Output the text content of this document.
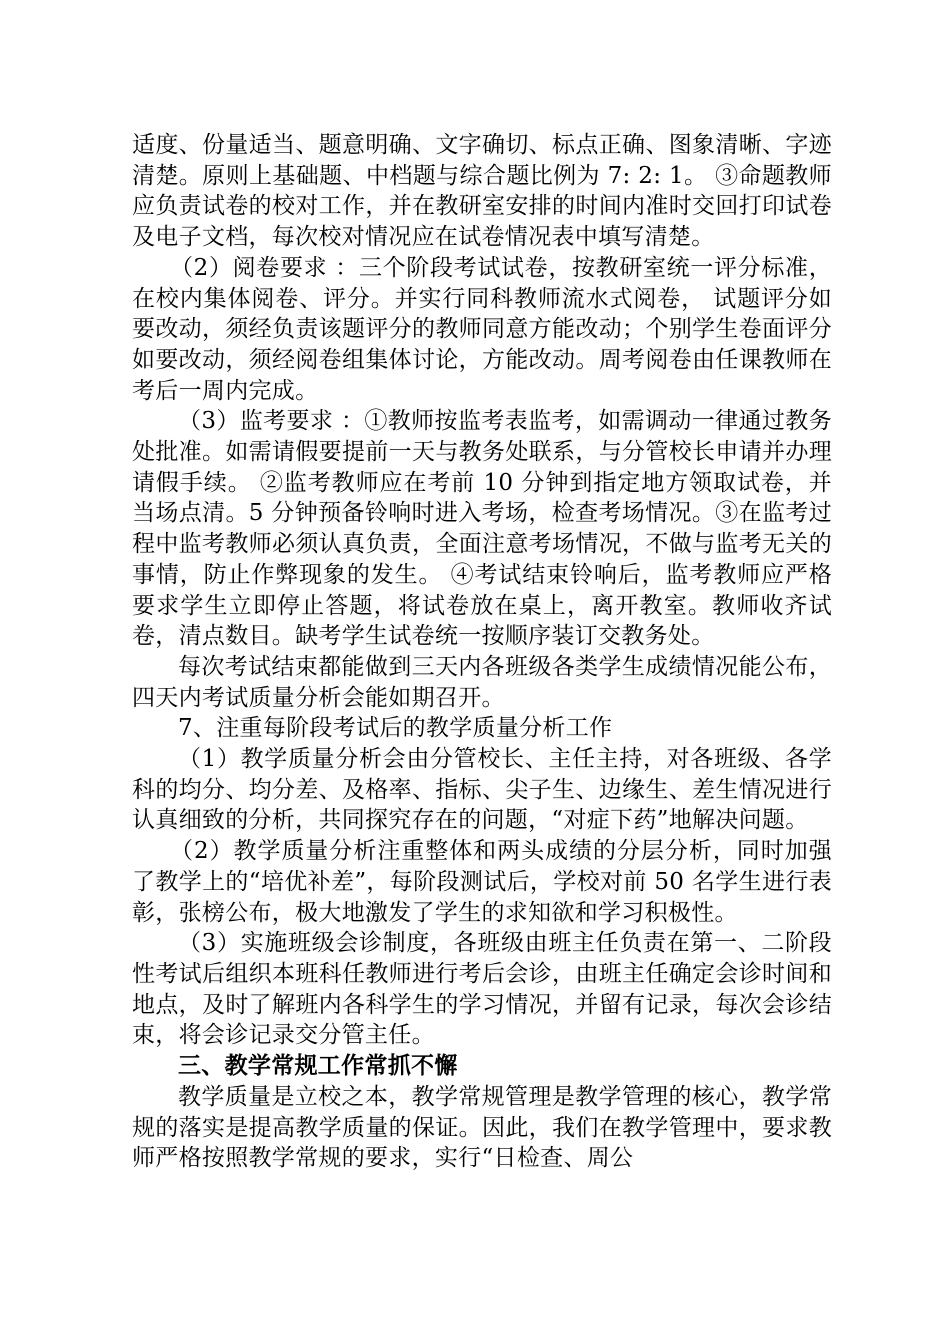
适度、份量适当、题意明确、文字确切、标点正确、图象清晰、字迹清楚。原则上基础题、中档题与综合题比例为 7: 2: 1。 ③命题教师应负责试卷的校对工作，并在教研室安排的时间内准时交回打印试卷及电子文档，每次校对情况应在试卷情况表中填写清楚。

（2）阅卷要求 ：三个阶段考试试卷，按教研室统一评分标准，在校内集体阅卷、评分。并实行同科教师流水式阅卷， 试题评分如要改动，须经负责该题评分的教师同意方能改动；个别学生卷面评分如要改动，须经阅卷组集体讨论，方能改动。周考阅卷由任课教师在考后一周内完成。

（3）监考要求 ：①教师按监考表监考，如需调动一律通过教务处批准。如需请假要提前一天与教务处联系，与分管校长申请并办理请假手续。 ②监考教师应在考前 10 分钟到指定地方领取试卷，并当场点清。5 分钟预备铃响时进入考场，检查考场情况。③在监考过程中监考教师必须认真负责，全面注意考场情况，不做与监考无关的事情，防止作弊现象的发生。 ④考试结束铃响后，监考教师应严格要求学生立即停止答题，将试卷放在桌上，离开教室。教师收齐试卷，清点数目。缺考学生试卷统一按顺序装订交教务处。

每次考试结束都能做到三天内各班级各类学生成绩情况能公布，四天内考试质量分析会能如期召开。

7、注重每阶段考试后的教学质量分析工作

（1）教学质量分析会由分管校长、主任主持，对各班级、各学科的均分、均分差、及格率、指标、尖子生、边缘生、差生情况进行认真细致的分析，共同探究存在的问题，“对症下药”地解决问题。

（2）教学质量分析注重整体和两头成绩的分层分析，同时加强了教学上的“培优补差”，每阶段测试后，学校对前 50 名学生进行表彰，张榜公布，极大地激发了学生的求知欲和学习积极性。

（3）实施班级会诊制度，各班级由班主任负责在第一、二阶段性考试后组织本班科任教师进行考后会诊，由班主任确定会诊时间和地点，及时了解班内各科学生的学习情况，并留有记录，每次会诊结束，将会诊记录交分管主任。

三、教学常规工作常抓不懈

教学质量是立校之本，教学常规管理是教学管理的核心，教学常规的落实是提高教学质量的保证。因此，我们在教学管理中，要求教师严格按照教学常规的要求，实行“日检查、周公
